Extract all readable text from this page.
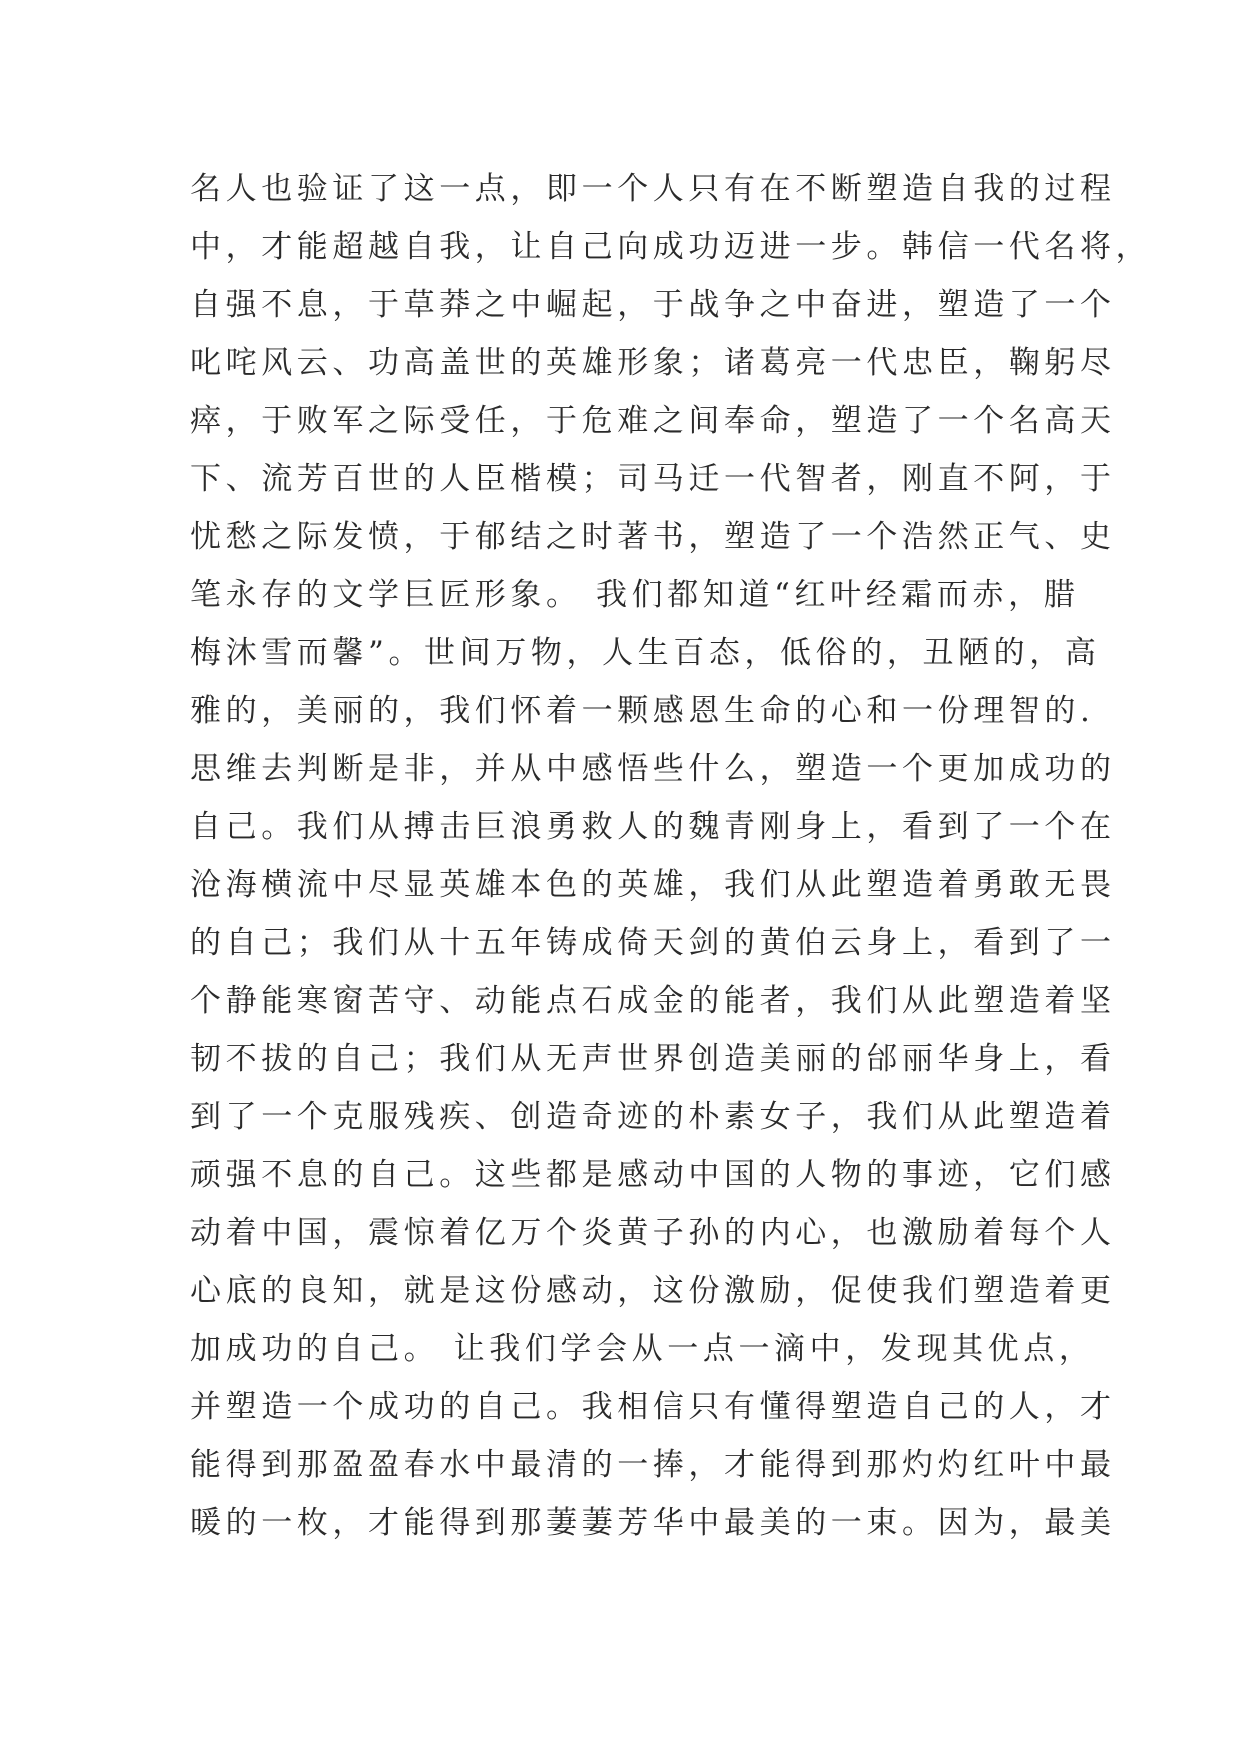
名人也验证了这一点，即一个人只有在不断塑造自我的过程
中，才能超越自我，让自己向成功迈进一步。韩信一代名将，
自强不息，于草莽之中崛起，于战争之中奋进，塑造了一个
叱咤风云、功高盖世的英雄形象；诸葛亮一代忠臣，鞠躬尽
瘁，于败军之际受任，于危难之间奉命，塑造了一个名高天
下、流芳百世的人臣楷模；司马迁一代智者，刚直不阿，于
忧愁之际发愤，于郁结之时著书，塑造了一个浩然正气、史
笔永存的文学巨匠形象。 我们都知道“红叶经霜而赤，腊
梅沐雪而馨”。世间万物，人生百态，低俗的，丑陋的，高
雅的，美丽的，我们怀着一颗感恩生命的心和一份理智的.
思维去判断是非，并从中感悟些什么，塑造一个更加成功的
自己。我们从搏击巨浪勇救人的魏青刚身上，看到了一个在
沧海横流中尽显英雄本色的英雄，我们从此塑造着勇敢无畏
的自己；我们从十五年铸成倚天剑的黄伯云身上，看到了一
个静能寒窗苦守、动能点石成金的能者，我们从此塑造着坚
韧不拔的自己；我们从无声世界创造美丽的邰丽华身上，看
到了一个克服残疾、创造奇迹的朴素女子，我们从此塑造着
顽强不息的自己。这些都是感动中国的人物的事迹，它们感
动着中国，震惊着亿万个炎黄子孙的内心，也激励着每个人
心底的良知，就是这份感动，这份激励，促使我们塑造着更
加成功的自己。 让我们学会从一点一滴中，发现其优点，
并塑造一个成功的自己。我相信只有懂得塑造自己的人，才
能得到那盈盈春水中最清的一捧，才能得到那灼灼红叶中最
暖的一枚，才能得到那萋萋芳华中最美的一束。因为，最美
